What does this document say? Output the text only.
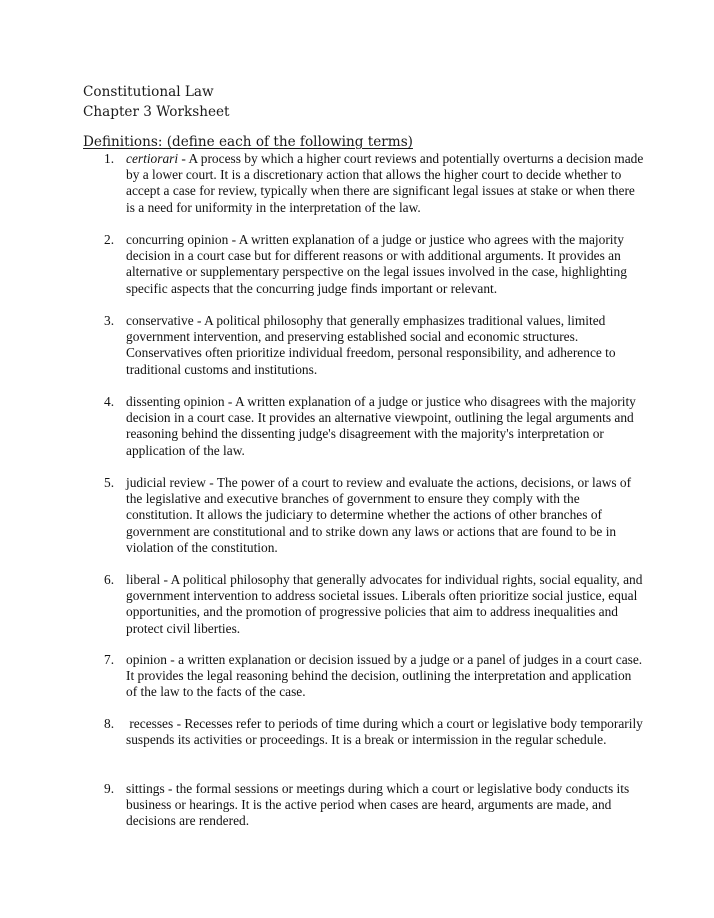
Constitutional Law
Chapter 3 Worksheet
Definitions: (define each of the following terms)
1. certiorari - A process by which a higher court reviews and potentially overturns a decision made by a lower court. It is a discretionary action that allows the higher court to decide whether to accept a case for review, typically when there are significant legal issues at stake or when there is a need for uniformity in the interpretation of the law.
2. concurring opinion - A written explanation of a judge or justice who agrees with the majority decision in a court case but for different reasons or with additional arguments. It provides an alternative or supplementary perspective on the legal issues involved in the case, highlighting specific aspects that the concurring judge finds important or relevant.
3. conservative - A political philosophy that generally emphasizes traditional values, limited government intervention, and preserving established social and economic structures. Conservatives often prioritize individual freedom, personal responsibility, and adherence to traditional customs and institutions.
4. dissenting opinion - A written explanation of a judge or justice who disagrees with the majority decision in a court case. It provides an alternative viewpoint, outlining the legal arguments and reasoning behind the dissenting judge's disagreement with the majority's interpretation or application of the law.
5. judicial review - The power of a court to review and evaluate the actions, decisions, or laws of the legislative and executive branches of government to ensure they comply with the constitution. It allows the judiciary to determine whether the actions of other branches of government are constitutional and to strike down any laws or actions that are found to be in violation of the constitution.
6. liberal - A political philosophy that generally advocates for individual rights, social equality, and government intervention to address societal issues. Liberals often prioritize social justice, equal opportunities, and the promotion of progressive policies that aim to address inequalities and protect civil liberties.
7. opinion - a written explanation or decision issued by a judge or a panel of judges in a court case. It provides the legal reasoning behind the decision, outlining the interpretation and application of the law to the facts of the case.
8. recesses - Recesses refer to periods of time during which a court or legislative body temporarily suspends its activities or proceedings. It is a break or intermission in the regular schedule.
9. sittings - the formal sessions or meetings during which a court or legislative body conducts its business or hearings. It is the active period when cases are heard, arguments are made, and decisions are rendered.
